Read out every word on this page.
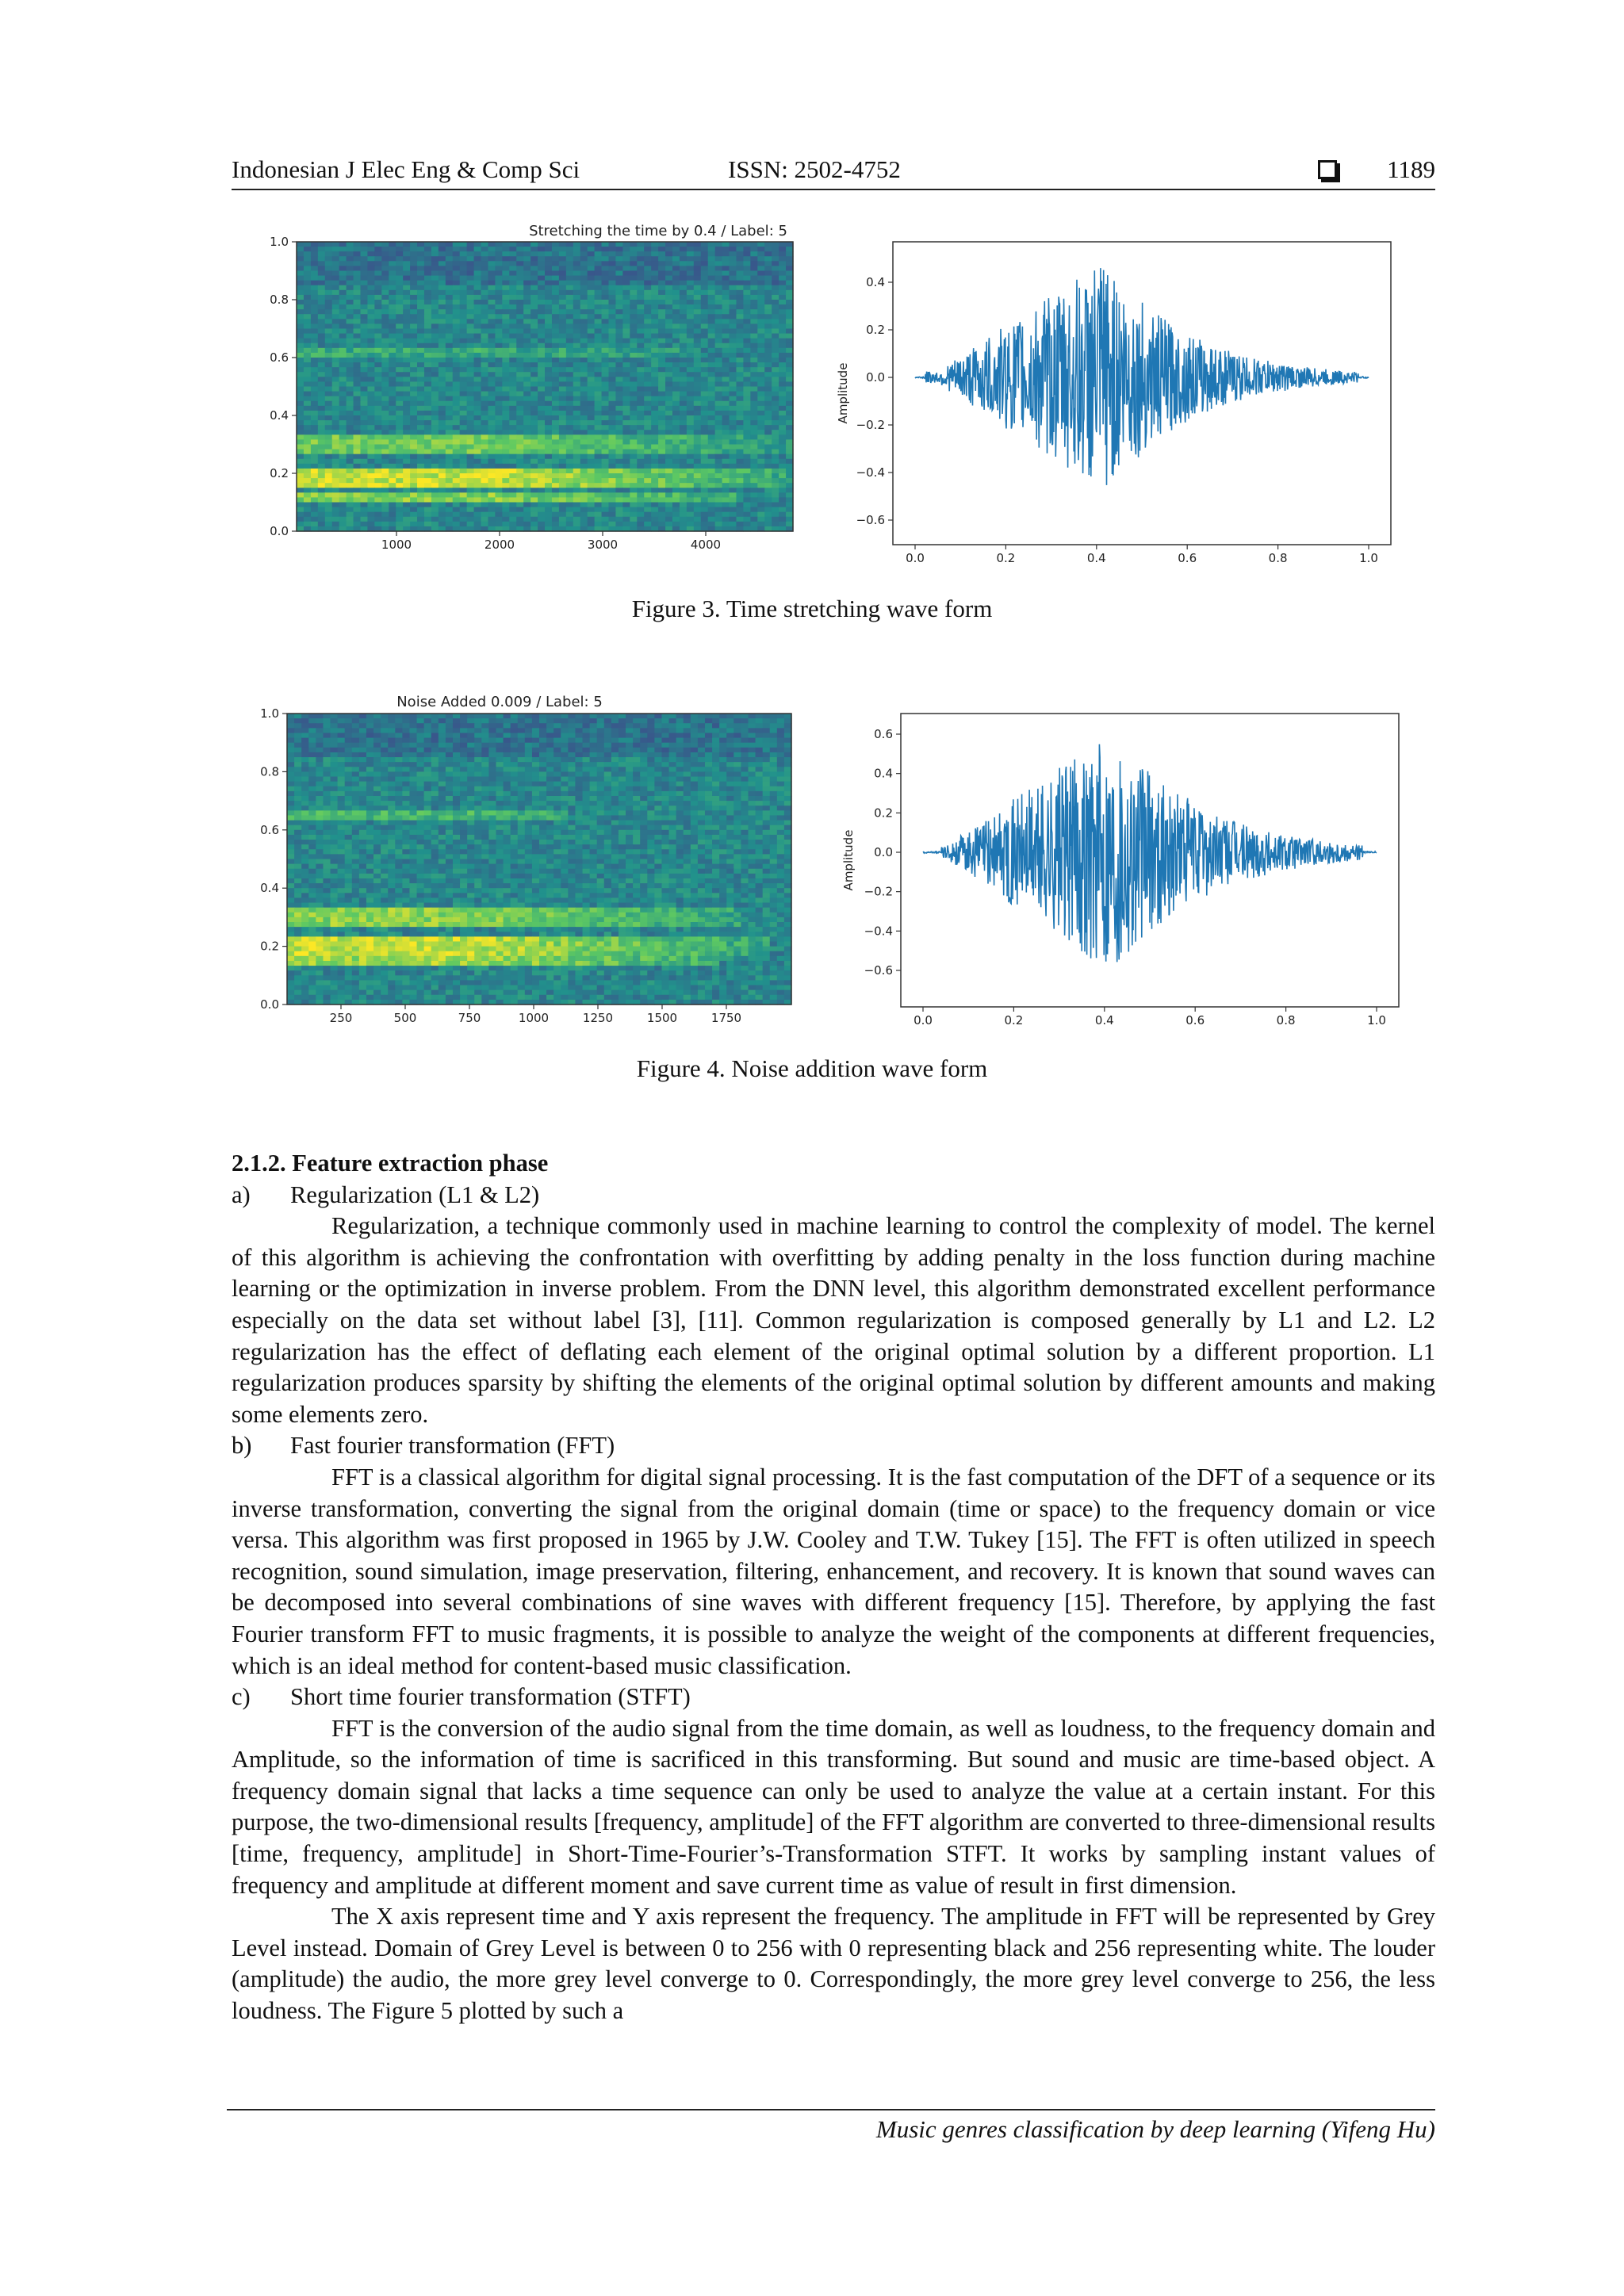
Indonesian J Elec Eng & Comp Sci	ISSN: 2502-4752	1189
Stretching the time by 0.4 / Label: 5
1.0
0.8
0.6
0.4
0.2
0.0
1000	2000	3000	4000
0.4
0.2
0.0
−0.2
−0.4
−0.6
0.0	0.2	0.4	0.6	0.8	1.0
Amplitude
Figure 3. Time stretching wave form
Noise Added 0.009 / Label: 5
1.0
0.8
0.6
0.4
0.2
0.0
250	500	750	1000	1250	1500	1750
0.6
0.4
0.2
0.0
−0.2
−0.4
−0.6
0.0	0.2	0.4	0.6	0.8	1.0
Amplitude
Figure 4. Noise addition wave form
2.1.2. Feature extraction phase
a)	Regularization (L1 & L2)

Regularization, a technique commonly used in machine learning to control the complexity of model. The kernel of this algorithm is achieving the confrontation with overfitting by adding penalty in the loss function during machine learning or the optimization in inverse problem. From the DNN level, this algorithm demonstrated excellent performance especially on the data set without label [3], [11]. Common regularization is composed generally by L1 and L2. L2 regularization has the effect of deflating each element of the original optimal solution by a different proportion. L1 regularization produces sparsity by shifting the elements of the original optimal solution by different amounts and making some elements zero.

b)	Fast fourier transformation (FFT)

FFT is a classical algorithm for digital signal processing. It is the fast computation of the DFT of a sequence or its inverse transformation, converting the signal from the original domain (time or space) to the frequency domain or vice versa. This algorithm was first proposed in 1965 by J.W. Cooley and T.W. Tukey [15]. The FFT is often utilized in speech recognition, sound simulation, image preservation, filtering, enhancement, and recovery. It is known that sound waves can be decomposed into several combinations of sine waves with different frequency [15]. Therefore, by applying the fast Fourier transform FFT to music fragments, it is possible to analyze the weight of the components at different frequencies, which is an ideal method for content-based music classification.

c)	Short time fourier transformation (STFT)

FFT is the conversion of the audio signal from the time domain, as well as loudness, to the frequency domain and Amplitude, so the information of time is sacrificed in this transforming. But sound and music are time-based object. A frequency domain signal that lacks a time sequence can only be used to analyze the value at a certain instant. For this purpose, the two-dimensional results [frequency, amplitude] of the FFT algorithm are converted to three-dimensional results [time, frequency, amplitude] in Short-Time-Fourier’s-Transformation STFT. It works by sampling instant values of frequency and amplitude at different moment and save current time as value of result in first dimension.

The X axis represent time and Y axis represent the frequency. The amplitude in FFT will be represented by Grey Level instead. Domain of Grey Level is between 0 to 256 with 0 representing black and 256 representing white. The louder (amplitude) the audio, the more grey level converge to 0. Correspondingly, the more grey level converge to 256, the less loudness. The Figure 5 plotted by such a

Music genres classification by deep learning (Yifeng Hu)
